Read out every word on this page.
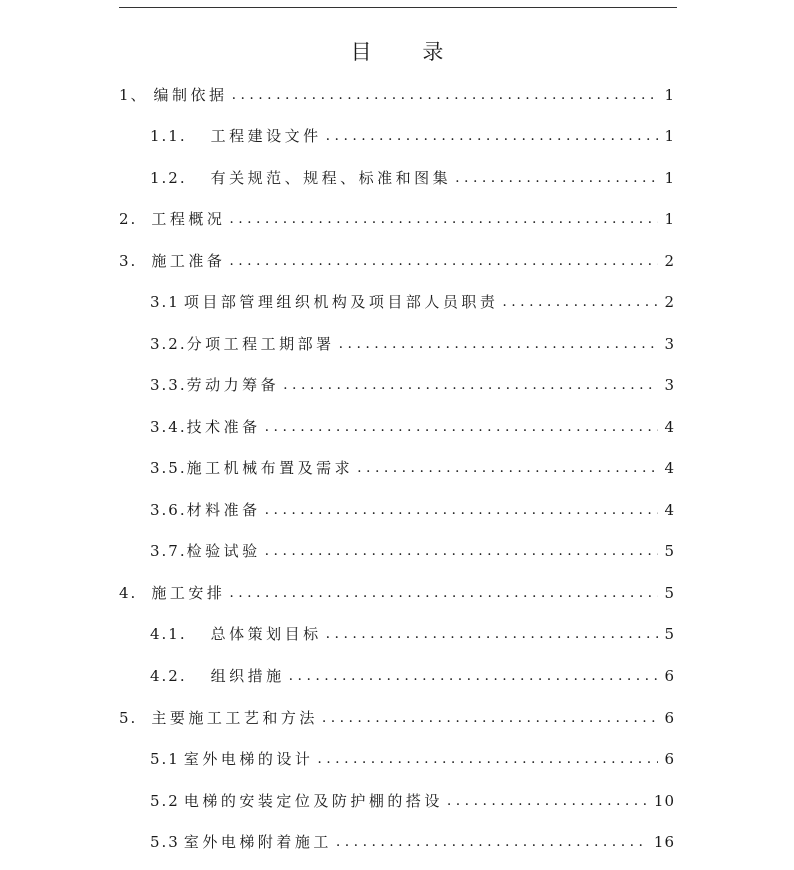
目 录
1、 编制依据 . . .	1
1.1. 工程建设文件 . . .	1
1.2. 有关规范、规程、标准和图集 . . .	1
2. 工程概况 . . .	1
3. 施工准备 . . .	2
3.1 项目部管理组织机构及项目部人员职责 . . .	2
3.2. 分项工程工期部署 . . .	3
3.3. 劳动力筹备 . . .	3
3.4. 技术准备 . . .	4
3.5. 施工机械布置及需求 . . .	4
3.6. 材料准备 . . .	4
3.7. 检验试验 . . .	5
4. 施工安排 . . .	5
4.1. 总体策划目标 . . .	5
4.2. 组织措施 . . .	6
5. 主要施工工艺和方法 . . .	6
5.1 室外电梯的设计 . . .	6
5.2 电梯的安装定位及防护棚的搭设 . . .	10
5.3 室外电梯附着施工 . . .	16
